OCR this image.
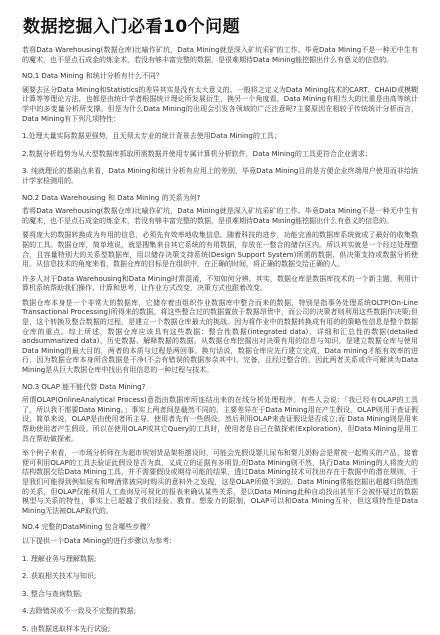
数据挖掘入门必看10个问题

若将Data Warehousing(数据仓库)比喻作矿坑，Data Mining就是深入矿坑采矿的工作。毕竟Data Mining不是一种无中生有的魔术，也不是点石成金的炼金术，若没有够丰富完整的数据，是很难期待Data Mining能挖掘出什么有意义的信息的。

NO.1 Data Mining 和统计分析有什么不同？

硬要去区分Data Mining和Statistics的差异其实是没有太大意义的。一般将之定义为Data Mining技术的CART、CHAID或模糊计算等等理论方法，也都是由统计学者根据统计理论所发展衍生，换另一个角度看，Data Mining有相当大的比重是由高等统计学中的多变量分析所支撑。但是为什么Data Mining的出现会引发各领域的广泛注意呢?主要原因在相较于传统统计分析而言，Data Mining有下列几项特性：

1.处理大量实际数据更强势，且无须太专业的统计背景去使用Data Mining的工具；

2.数据分析趋势为从大型数据库抓取所需数据并使用专属计算机分析软件，Data Mining的工具更符合企业需求；

3. 纯就理论的基础点来看，Data Mining和统计分析有应用上的差别，毕竟Data Mining目的是方便企业终端用户使用而非给统计学家检测用的。

NO.2 Data Warehousing 和 Data Mining 的关系为何?

若将Data Warehousing(数据仓库)比喻作矿坑，Data Mining就是深入矿坑采矿的工作。毕竟Data Mining不是一种无中生有的魔术，也不是点石成金的炼金术，若没有够丰富完整的数据，是很难期待Data Mining能挖掘出什么有意义的信息的。

要将庞大的数据转换成为有用的信息，必须先有效率地收集信息。随着科技的进步，功能完善的数据库系统就成了最好的收集数据的工具。数据仓库，简单地说，就是搜集来自其它系统的有用数据，存放在一整合的储存区内。所以其实就是一个经过处理整合，且容量特别大的关系型数据库，用以储存决策支持系统(Design Support System)所需的数据，供决策支持或数据分析使用。从信息技术的角度来看，数据仓库的目标是在组织中，在正确的时间，将正确的数据交给正确的人。

许多人对于Data Warehousing和Data Mining时常混淆，不知如何分辨。其实，数据仓库是数据库技术的一个新主题，利用计算机系统帮助我们操作、计算和思考，让作业方式改变，决策方式也跟着改变。

数据仓库本身是一个非常大的数据库，它储存着由组织作业数据库中整合而来的数据，特别是指事务处理系统OLTP(On-Line Transactional Processing)所得来的数据。将这些整合过的数据置放于数据昂贵中，而公司的决策者则利用这些数据作决策;但是，这个转换及整合数据的过程，是建立一个数据仓库最大的挑战。因为将作业中的数据转换成有用的的策略性信息是整个数据仓库的重点。综上所述，数据仓库应该具有这些数据：整合性数据(integrated data)、详细和汇总性的数据(detailed andsummarized data)、历史数据、解释数据的数据。从数据仓库挖掘出对决策有用的信息与知识，是建立数据仓库与使用Data Mining的最大目的，两者的本质与过程是两回事。换句话说，数据仓库应先行建立完成，Data mining才能有效率的进行，因为数据仓库本身所含数据是干净(不会有错误的数据参杂其中)、完备，且经过整合的。因此两者关系或许可解读为Data Mining是从巨大数据仓库中找出有用信息的一种过程与技术。

NO.3 OLAP 能不能代替 Data Mining?

所谓OLAP(OnlineAnalytical Process)意指由数据库所连结出来的在线分析处理程序。有些人会说：「我已经有OLAP的工具了，所以我不需要Data Mining。」事实上两者间是截然不同的，主要差异在于Data Mining用在产生假设，OLAP则用于查证假设。简单来说，OLAP是由使用者所主导，使用者先有一些假设，然后利用OLAP来查证假设是否成立;而 Data Mining则是用来帮助使用者产生假设。所以在使用OLAP或其它Query的工具时，使用者是自己在做探索(Exploration)，但Data Mining是用工具在帮助做探索。

举个例子来看，一市场分析师在为超市规划货品架柜摆设时，可能会先假设婴儿尿布和婴儿奶粉会是常被一起购买的产品，接着便可利用OLAP的工具去验证此假设是否为真，又成立的证据有多明显;但Data Mining则不然，执行Data Mining的人将庞大的结构数据交给Data Mining工具，并不需要假设或期待可能的结果，透过Data Mining技术可找出存在于数据中的潜在规则，于是我们可能得到例如尿布和啤酒常被同时购买的意料外之发现，这是OLAP所做不到的。Data Mining常能挖掘出超越归纳范围的关系，但OLAP仅能利用人工查询及可视化的报表来确认某些关系，是以Data Mining此种自动找出甚至不会被怀疑过的数据模型与关系的特性，事实上已超越了我们经验、教育、想象力的限制，OLAP可以和Data Mining互补，但这项特性是Data Mining无法被OLAP取代的。

NO.4 完整的DataMining 包含哪些步骤？

以下提供一个Data Mining的进行步骤以为参考：

1. 理解业务与理解数据;

2. 获取相关技术与知识;

3. 整合与查询数据;

4.去除错误或不一致及不完整的数据;

5. 由数据选取样本先行试验;
